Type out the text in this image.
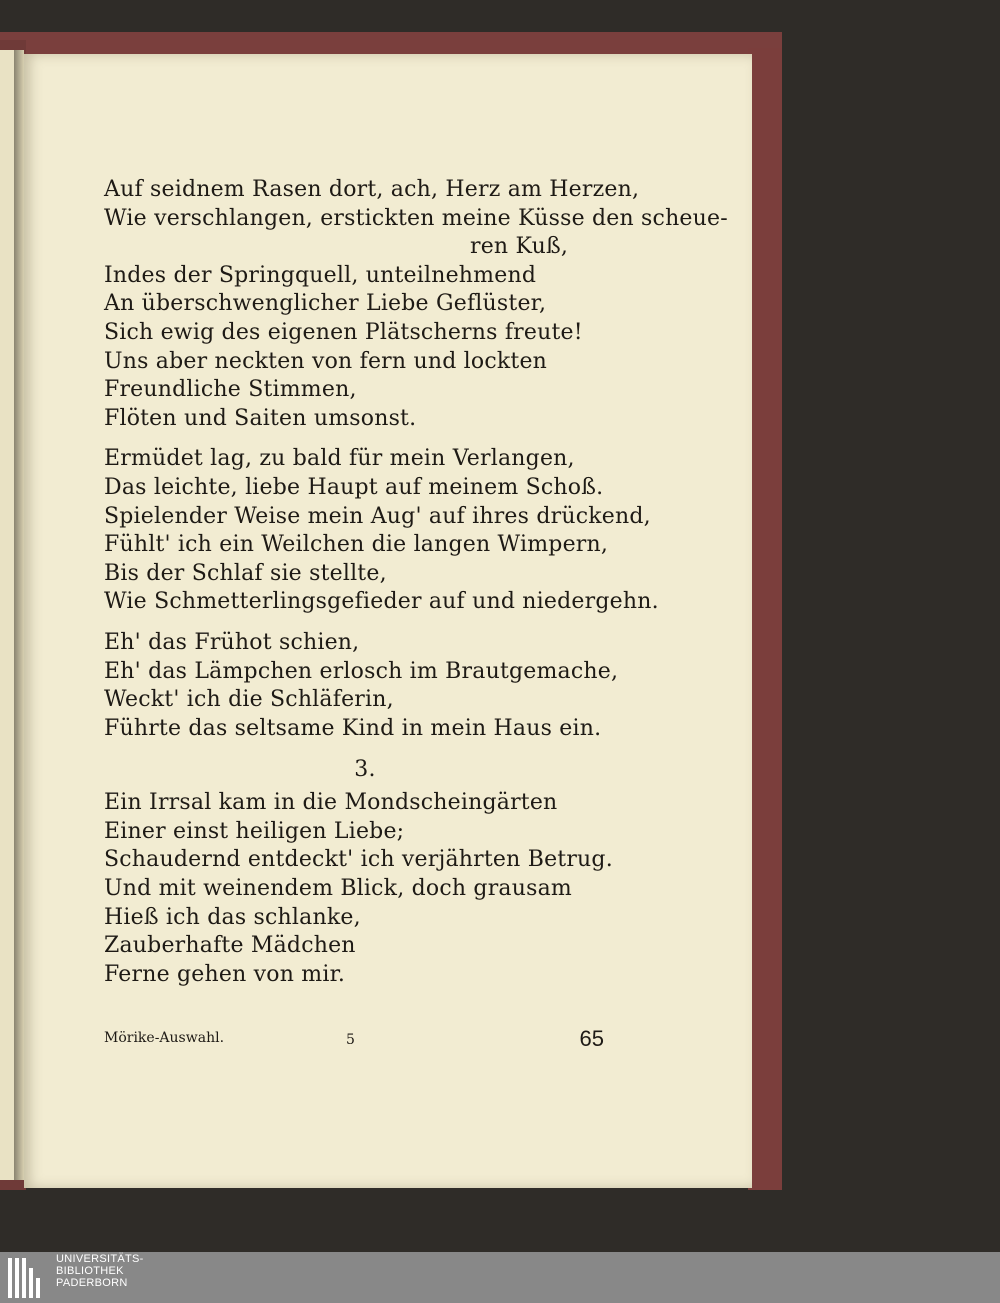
Auf seidnem Rasen dort, ach, Herz am Herzen,
Wie verschlangen, erstickten meine Küsse den scheue-
ren Kuß,
Indes der Springquell, unteilnehmend
An überschwenglicher Liebe Geflüster,
Sich ewig des eigenen Plätscherns freute!
Uns aber neckten von fern und lockten
Freundliche Stimmen,
Flöten und Saiten umsonst.
Ermüdet lag, zu bald für mein Verlangen,
Das leichte, liebe Haupt auf meinem Schoß.
Spielender Weise mein Aug' auf ihres drückend,
Fühlt' ich ein Weilchen die langen Wimpern,
Bis der Schlaf sie stellte,
Wie Schmetterlingsgefieder auf und niedergehn.
Eh' das Frühot schien,
Eh' das Lämpchen erlosch im Brautgemache,
Weckt' ich die Schläferin,
Führte das seltsame Kind in mein Haus ein.
3.
Ein Irrsal kam in die Mondscheingärten
Einer einst heiligen Liebe;
Schaudernd entdeckt' ich verjährten Betrug.
Und mit weinendem Blick, doch grausam
Hieß ich das schlanke,
Zauberhafte Mädchen
Ferne gehen von mir.
Mörike-Auswahl.	5	65
UNIVERSITÄTS-
BIBLIOTHEK
PADERBORN
